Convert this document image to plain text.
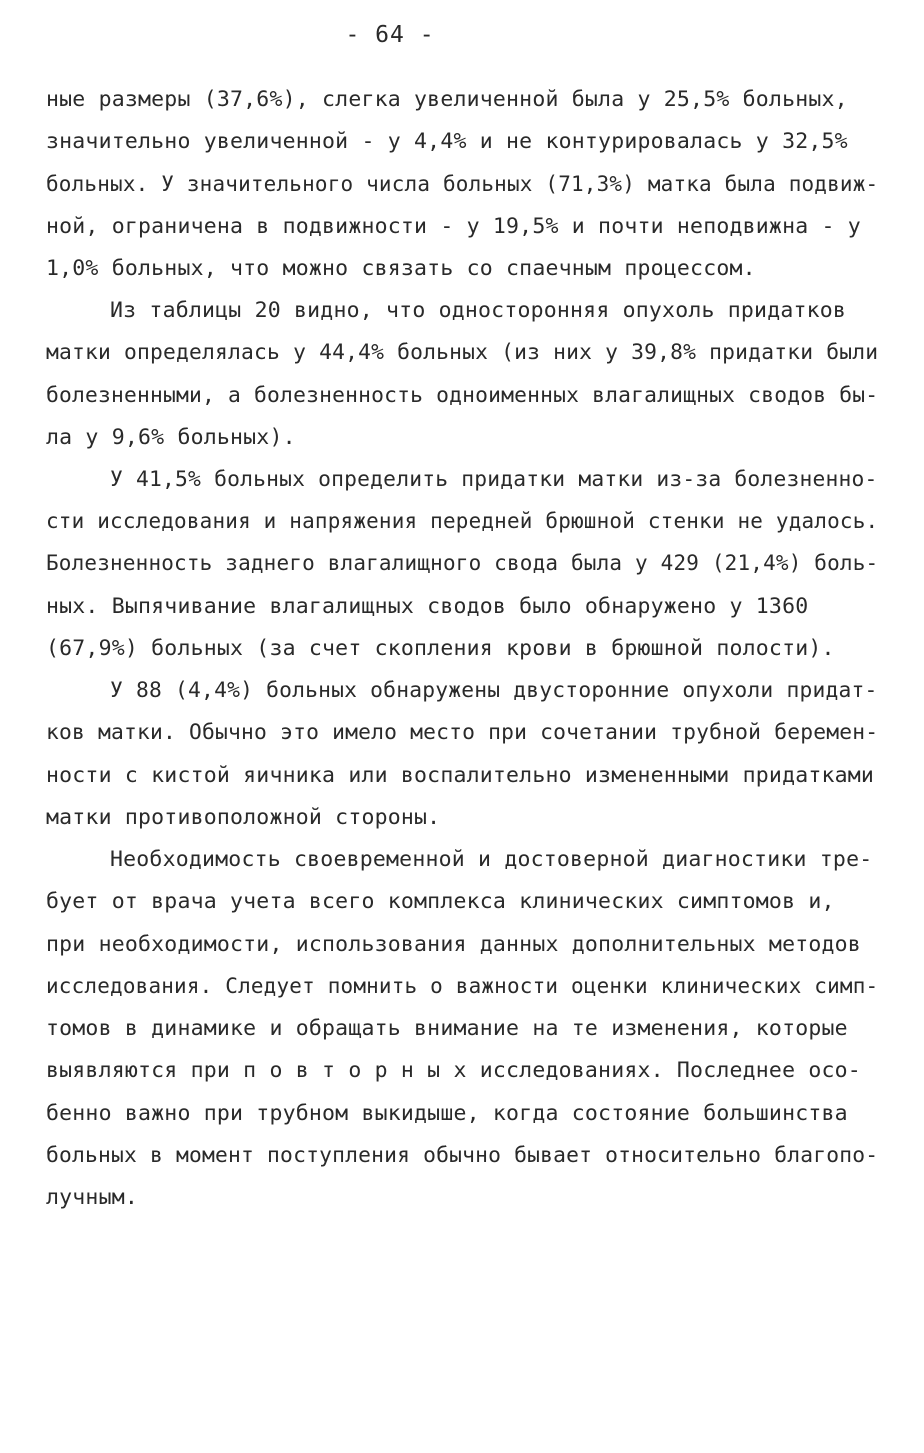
- 64 -
ные размеры (37,6%), слегка увеличенной была у 25,5% больных,
значительно увеличенной - у 4,4% и не контурировалась у 32,5%
больных. У значительного числа больных (71,3%) матка была подвиж-
ной, ограничена в подвижности - у 19,5% и почти неподвижна - у
1,0% больных, что можно связать со спаечным процессом.
Из таблицы 20 видно, что односторонняя опухоль придатков
матки определялась у 44,4% больных (из них у 39,8% придатки были
болезненными, а болезненность одноименных влагалищных сводов бы-
ла у 9,6% больных).
У 41,5% больных определить придатки матки из-за болезненно-
сти исследования и напряжения передней брюшной стенки не удалось.
Болезненность заднего влагалищного свода была у 429 (21,4%) боль-
ных. Выпячивание влагалищных сводов было обнаружено у 1360
(67,9%) больных (за счет скопления крови в брюшной полости).
У 88 (4,4%) больных обнаружены двусторонние опухоли придат-
ков матки. Обычно это имело место при сочетании трубной беремен-
ности с кистой яичника или воспалительно измененными придатками
матки противоположной стороны.
Необходимость своевременной и достоверной диагностики тре-
бует от врача учета всего комплекса клинических симптомов и,
при необходимости, использования данных дополнительных методов
исследования. Следует помнить о важности оценки клинических симп-
томов в динамике и обращать внимание на те изменения, которые
выявляются при п о в т о р н ы х исследованиях. Последнее осо-
бенно важно при трубном выкидыше, когда состояние большинства
больных в момент поступления обычно бывает относительно благопо-
лучным.
